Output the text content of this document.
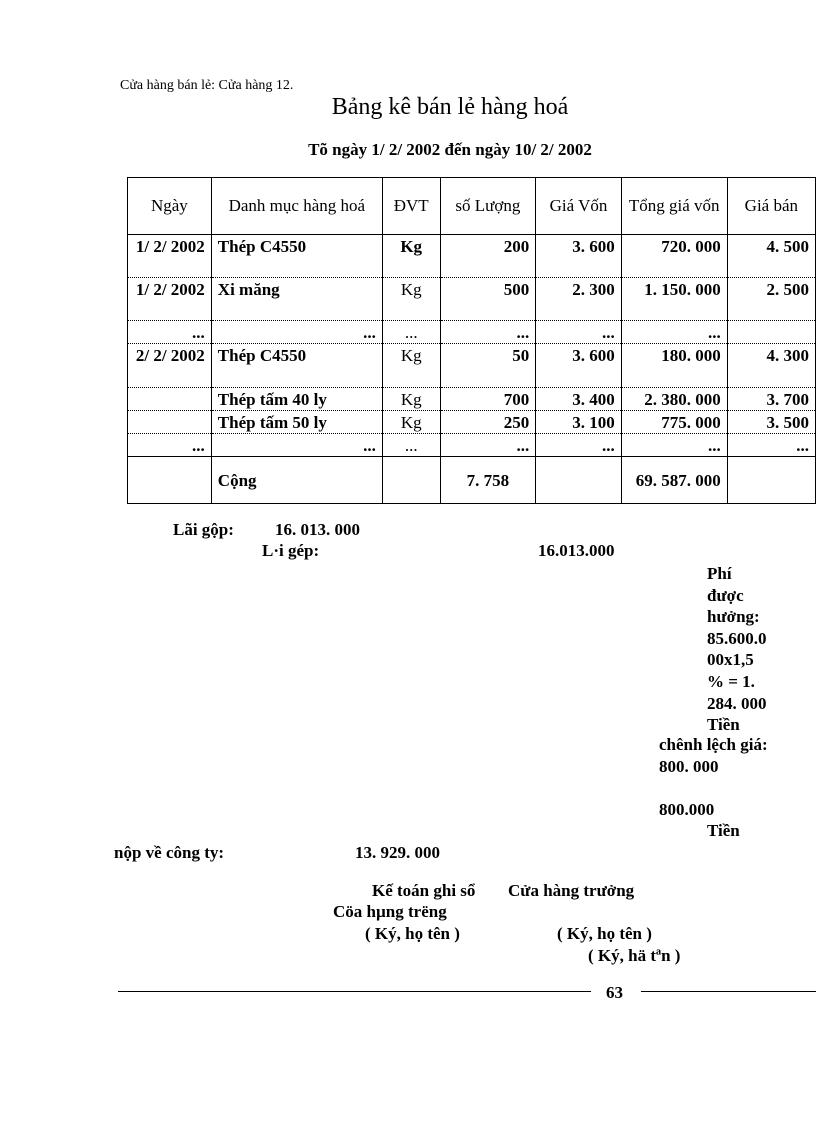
Cửa hàng bán lẻ: Cửa hàng 12.
Bảng kê bán lẻ hàng hoá
Tõ ngày 1/ 2/ 2002 đến ngày 10/ 2/ 2002
Ngày	Danh mục hàng hoá	ĐVT	số Lượng	Giá Vốn	Tổng giá vốn	Giá bán
1/ 2/ 2002	Thép C4550	Kg	200	3. 600	720. 000	4. 500
1/ 2/ 2002	Xi măng	Kg	500	2. 300	1. 150. 000	2. 500
...	...	...	...	...	...	
2/ 2/ 2002	Thép C4550	Kg	50	3. 600	180. 000	4. 300
	Thép tấm 40 ly	Kg	700	3. 400	2. 380. 000	3. 700
	Thép tấm 50 ly	Kg	250	3. 100	775. 000	3. 500
...	...	...	...	...	...	...
	Cộng		7. 758		69. 587. 000	
Lãi gộp: 16. 013. 000
L·i gép:	16.013.000
Phí
được
hưởng:
85.600.0
00x1,5
% = 1.
284. 000
Tiền
chênh lệch giá:
800. 000
800.000
Tiền
nộp về công ty:	13. 929. 000
Kế toán ghi sổ Cửa hàng trưởng
Cöa hµng trëng
( Ký, họ tên )	( Ký, họ tên )
( Ký, hä tªn )
63
